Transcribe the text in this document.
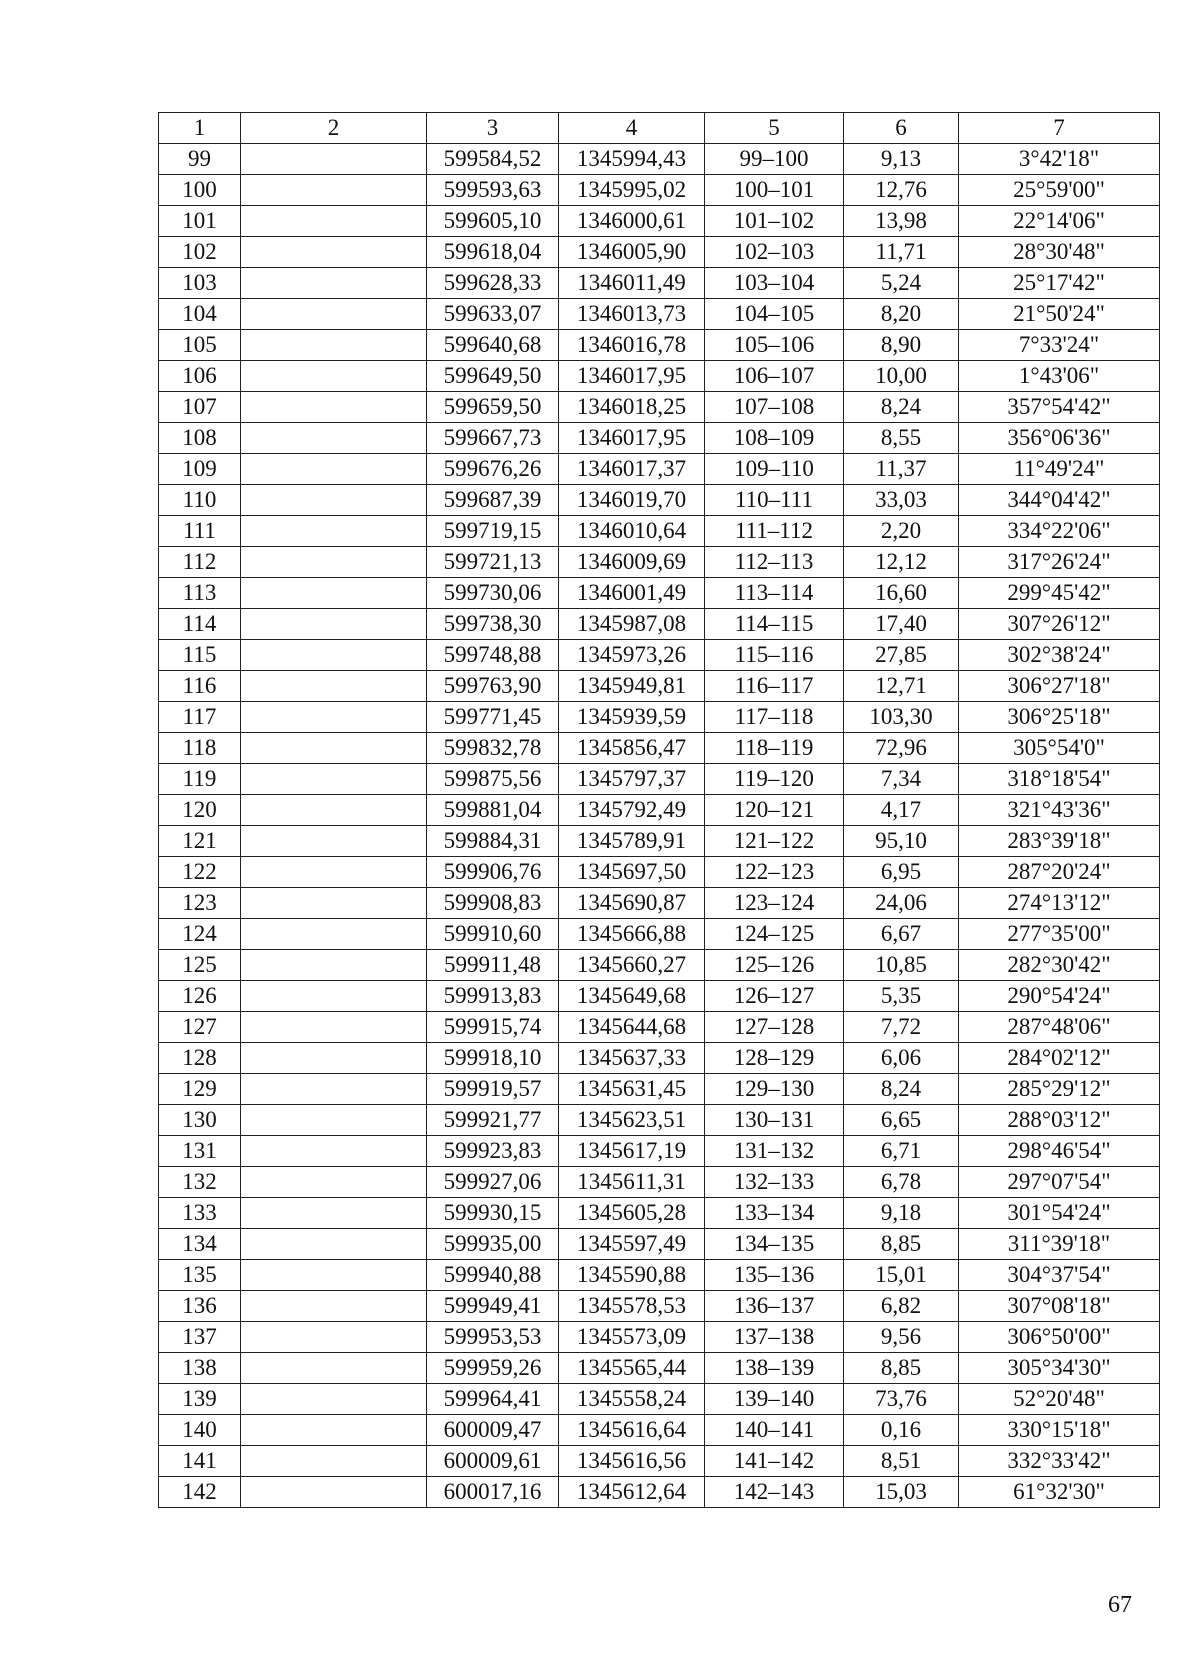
1	2	3	4	5	6	7
99		599584,52	1345994,43	99–100	9,13	3°42'18"
100		599593,63	1345995,02	100–101	12,76	25°59'00"
101		599605,10	1346000,61	101–102	13,98	22°14'06"
102		599618,04	1346005,90	102–103	11,71	28°30'48"
103		599628,33	1346011,49	103–104	5,24	25°17'42"
104		599633,07	1346013,73	104–105	8,20	21°50'24"
105		599640,68	1346016,78	105–106	8,90	7°33'24"
106		599649,50	1346017,95	106–107	10,00	1°43'06"
107		599659,50	1346018,25	107–108	8,24	357°54'42"
108		599667,73	1346017,95	108–109	8,55	356°06'36"
109		599676,26	1346017,37	109–110	11,37	11°49'24"
110		599687,39	1346019,70	110–111	33,03	344°04'42"
111		599719,15	1346010,64	111–112	2,20	334°22'06"
112		599721,13	1346009,69	112–113	12,12	317°26'24"
113		599730,06	1346001,49	113–114	16,60	299°45'42"
114		599738,30	1345987,08	114–115	17,40	307°26'12"
115		599748,88	1345973,26	115–116	27,85	302°38'24"
116		599763,90	1345949,81	116–117	12,71	306°27'18"
117		599771,45	1345939,59	117–118	103,30	306°25'18"
118		599832,78	1345856,47	118–119	72,96	305°54'0"
119		599875,56	1345797,37	119–120	7,34	318°18'54"
120		599881,04	1345792,49	120–121	4,17	321°43'36"
121		599884,31	1345789,91	121–122	95,10	283°39'18"
122		599906,76	1345697,50	122–123	6,95	287°20'24"
123		599908,83	1345690,87	123–124	24,06	274°13'12"
124		599910,60	1345666,88	124–125	6,67	277°35'00"
125		599911,48	1345660,27	125–126	10,85	282°30'42"
126		599913,83	1345649,68	126–127	5,35	290°54'24"
127		599915,74	1345644,68	127–128	7,72	287°48'06"
128		599918,10	1345637,33	128–129	6,06	284°02'12"
129		599919,57	1345631,45	129–130	8,24	285°29'12"
130		599921,77	1345623,51	130–131	6,65	288°03'12"
131		599923,83	1345617,19	131–132	6,71	298°46'54"
132		599927,06	1345611,31	132–133	6,78	297°07'54"
133		599930,15	1345605,28	133–134	9,18	301°54'24"
134		599935,00	1345597,49	134–135	8,85	311°39'18"
135		599940,88	1345590,88	135–136	15,01	304°37'54"
136		599949,41	1345578,53	136–137	6,82	307°08'18"
137		599953,53	1345573,09	137–138	9,56	306°50'00"
138		599959,26	1345565,44	138–139	8,85	305°34'30"
139		599964,41	1345558,24	139–140	73,76	52°20'48"
140		600009,47	1345616,64	140–141	0,16	330°15'18"
141		600009,61	1345616,56	141–142	8,51	332°33'42"
142		600017,16	1345612,64	142–143	15,03	61°32'30"
67
